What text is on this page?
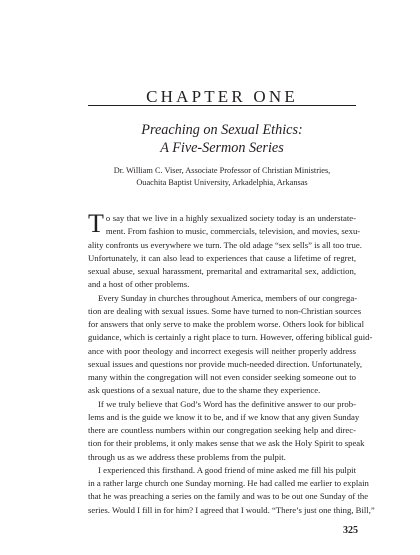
CHAPTER ONE
Preaching on Sexual Ethics:
A Five-Sermon Series
Dr. William C. Viser, Associate Professor of Christian Ministries,
Ouachita Baptist University, Arkadelphia, Arkansas
T o say that we live in a highly sexualized society today is an understate-
ment. From fashion to music, commercials, television, and movies, sexu-
ality confronts us everywhere we turn. The old adage “sex sells” is all too true.
Unfortunately, it can also lead to experiences that cause a lifetime of regret,
sexual abuse, sexual harassment, premarital and extramarital sex, addiction,
and a host of other problems.
Every Sunday in churches throughout America, members of our congrega-
tion are dealing with sexual issues. Some have turned to non-Christian sources
for answers that only serve to make the problem worse. Others look for biblical
guidance, which is certainly a right place to turn. However, offering biblical guid-
ance with poor theology and incorrect exegesis will neither properly address
sexual issues and questions nor provide much-needed direction. Unfortunately,
many within the congregation will not even consider seeking someone out to
ask questions of a sexual nature, due to the shame they experience.
If we truly believe that God’s Word has the definitive answer to our prob-
lems and is the guide we know it to be, and if we know that any given Sunday
there are countless numbers within our congregation seeking help and direc-
tion for their problems, it only makes sense that we ask the Holy Spirit to speak
through us as we address these problems from the pulpit.
I experienced this firsthand. A good friend of mine asked me fill his pulpit
in a rather large church one Sunday morning. He had called me earlier to explain
that he was preaching a series on the family and was to be out one Sunday of the
series. Would I fill in for him? I agreed that I would. “There’s just one thing, Bill,”
325
